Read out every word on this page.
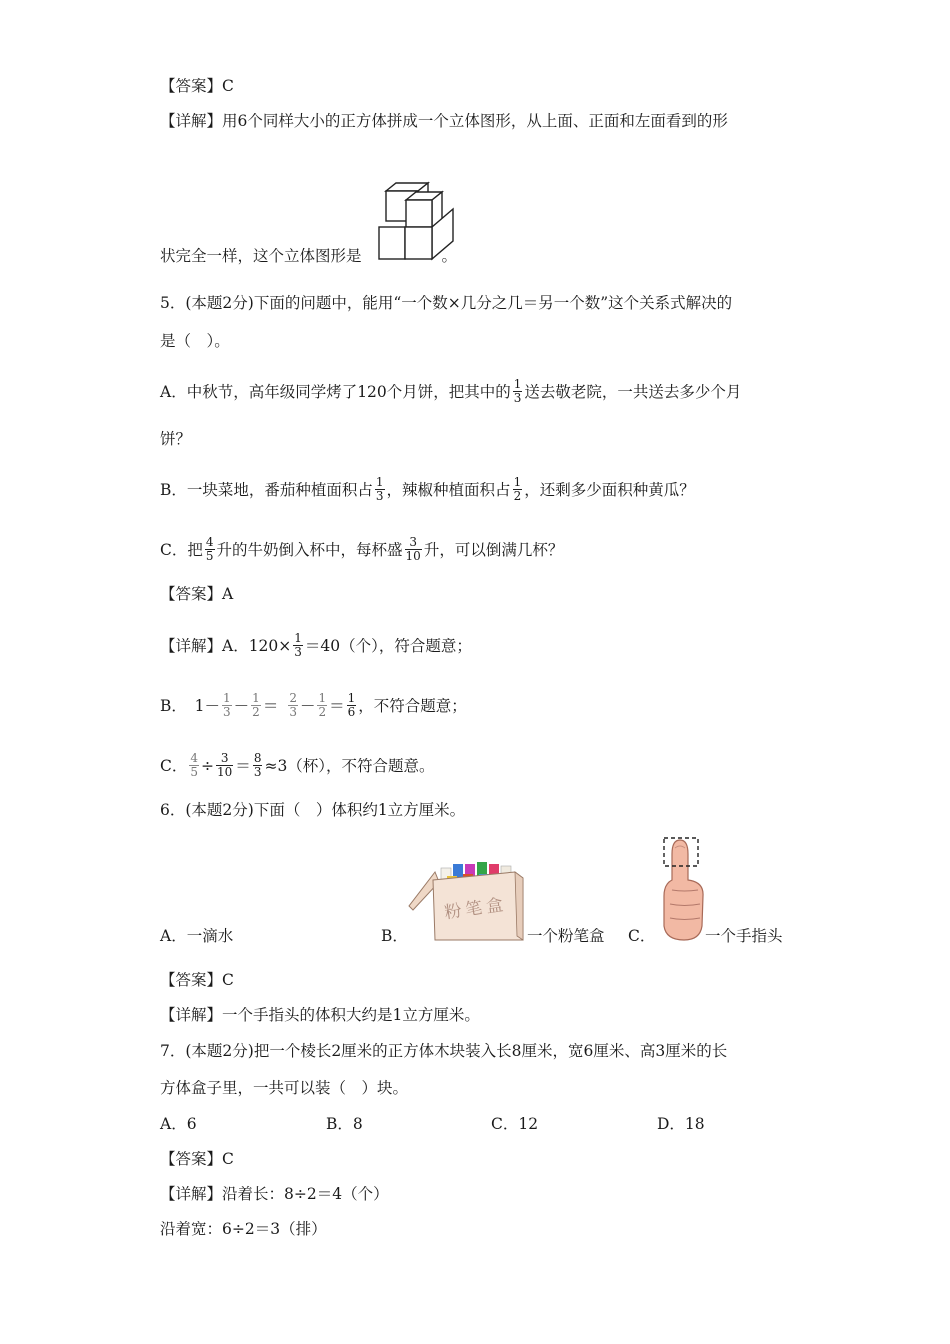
【答案】C
【详解】用6个同样大小的正方体拼成一个立体图形，从上面、正面和左面看到的形
状完全一样，这个立体图形是	。
5．(本题2分)下面的问题中，能用“一个数×几分之几＝另一个数”这个关系式解决的
是（　）。
A．中秋节，高年级同学烤了120个月饼，把其中的 $\frac{1}{3}$ 送去敬老院，一共送去多少个月
饼？
B．一块菜地，番茄种植面积占 $\frac{1}{3}$ ，辣椒种植面积占 $\frac{1}{2}$ ，还剩多少面积种黄瓜？
C．把 $\frac{4}{5}$ 升的牛奶倒入杯中，每杯盛 $\frac{3}{10}$ 升，可以倒满几杯？
【答案】A
【详解】A．$120\times \frac{1}{3} =40$（个），符合题意；
B．　$1- \frac{1}{3} - \frac{1}{2} = \frac{2}{3} - \frac{1}{2} = \frac{1}{6}$ ，不符合题意；
C． $\frac{4}{5} \div \frac{3}{10} = \frac{8}{3} \approx 3$（杯），不符合题意。
6．(本题2分)下面（　）体积约1立方厘米。
粉笔盒
A．一滴水	B．	一个粉笔盒 C．	一个手指头
【答案】C
【详解】一个手指头的体积大约是1立方厘米。
7．(本题2分)把一个棱长2厘米的正方体木块装入长8厘米，宽6厘米、高3厘米的长
方体盒子里，一共可以装（　）块。
A．6	B．8	C．12	D．18
【答案】C
【详解】沿着长：8÷2＝4（个）
沿着宽：6÷2＝3（排）
